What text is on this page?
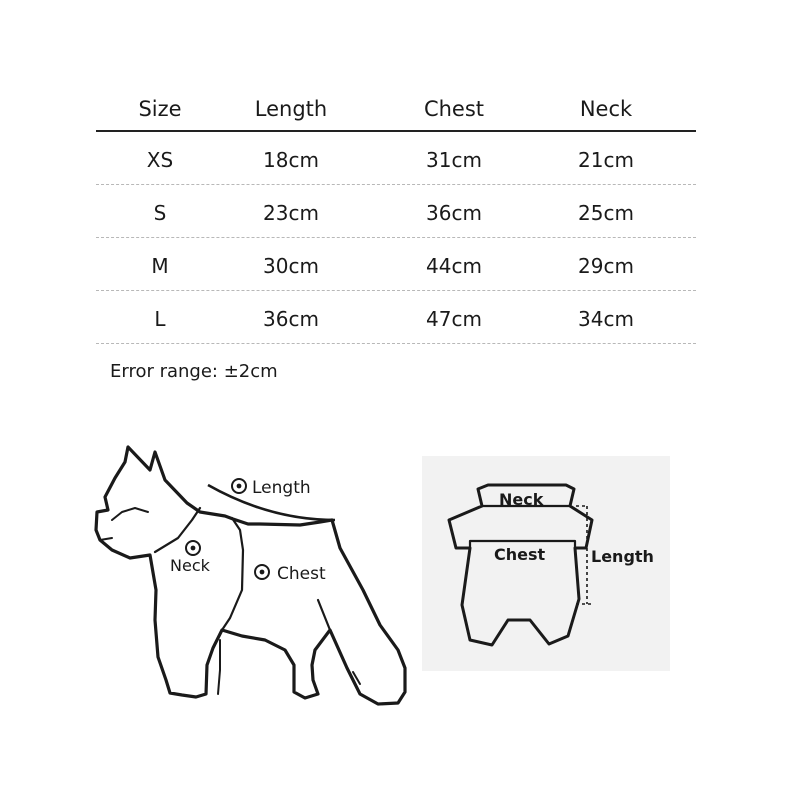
Size	Length	Chest	Neck
XS	18cm	31cm	21cm
S	23cm	36cm	25cm
M	30cm	44cm	29cm
L	36cm	47cm	34cm
Error range: ±2cm
Length
Neck	Chest
Neck
Chest	Length
